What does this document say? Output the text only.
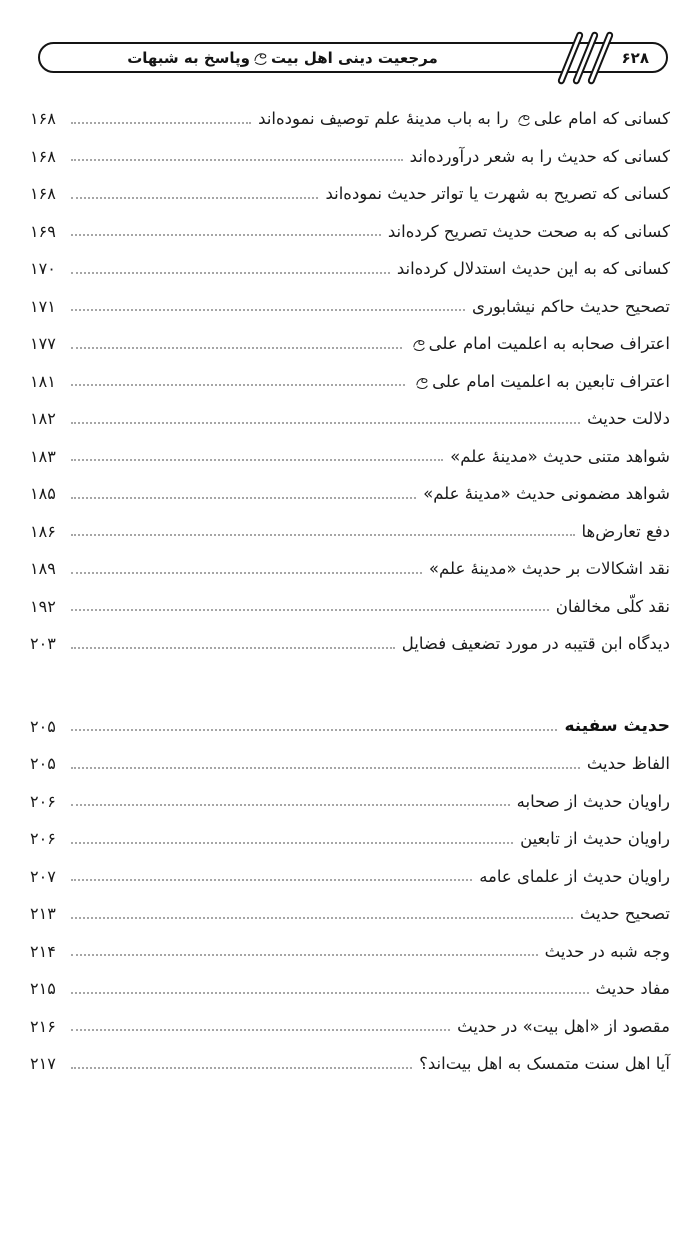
مرجعیت دینی اهل بیتوپاسخ به شبهات	۶۲۸
کسانی که امام علی را به باب مدینهٔ علم توصیف نموده‌اند
۱۶۸
کسانی که حدیث را به شعر درآورده‌اند
۱۶۸
کسانی که تصریح به شهرت یا تواتر حدیث نموده‌اند
۱۶۸
کسانی که به صحت حدیث تصریح کرده‌اند
۱۶۹
کسانی که به این حدیث استدلال کرده‌اند
۱۷۰
تصحیح حدیث حاکم نیشابوری
۱۷۱
اعتراف صحابه به اعلمیت امام علی
۱۷۷
اعتراف تابعین به اعلمیت امام علی
۱۸۱
دلالت حدیث
۱۸۲
شواهد متنی حدیث «مدینهٔ علم»
۱۸۳
شواهد مضمونی حدیث «مدینهٔ علم»
۱۸۵
دفع تعارض‌ها
۱۸۶
نقد اشکالات بر حدیث «مدینهٔ علم»
۱۸۹
نقد کلّی مخالفان
۱۹۲
دیدگاه ابن قتیبه در مورد تضعیف فضایل
۲۰۳
حدیث سفینه
۲۰۵
الفاظ حدیث
۲۰۵
راویان حدیث از صحابه
۲۰۶
راویان حدیث از تابعین
۲۰۶
راویان حدیث از علمای عامه
۲۰۷
تصحیح حدیث
۲۱۳
وجه شبه در حدیث
۲۱۴
مفاد حدیث
۲۱۵
مقصود از «اهل بیت» در حدیث
۲۱۶
آیا اهل سنت متمسک به اهل بیت‌اند؟
۲۱۷
